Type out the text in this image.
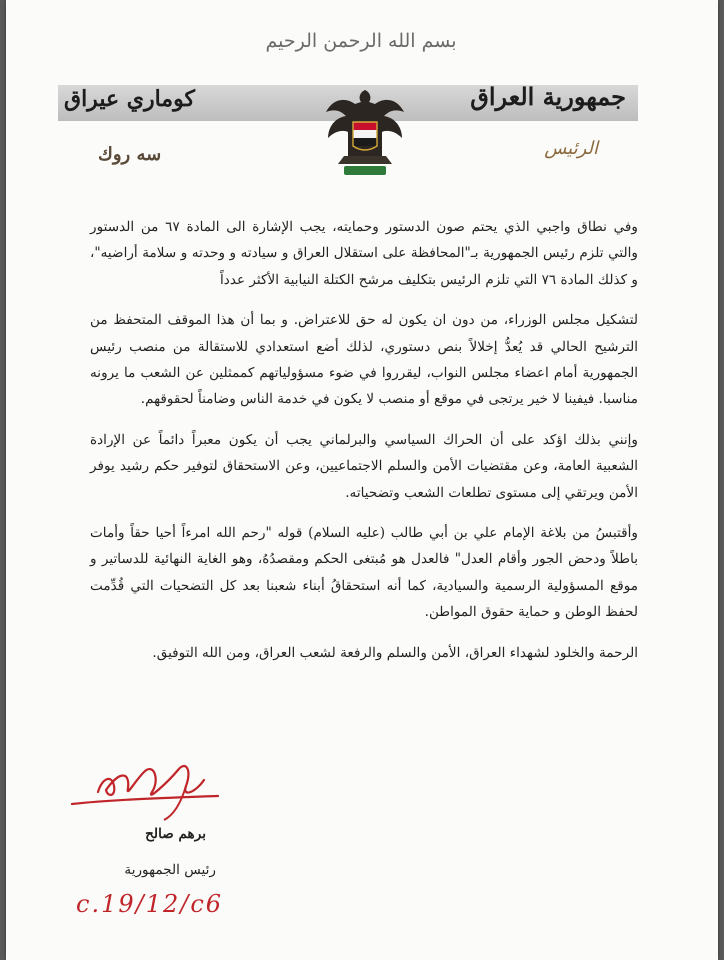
بسم الله الرحمن الرحيم
جمهورية العراق
كوماري عيراق
الرئيس
سه روك

وفي نطاق واجبي الذي يحتم صون الدستور وحمايته، يجب الإشارة الى المادة ٦٧ من الدستور والتي تلزم رئيس الجمهورية بـ"المحافظة على استقلال العراق و سيادته و وحدته و سلامة أراضيه"، و كذلك المادة ٧٦ التي تلزم الرئيس بتكليف مرشح الكتلة النيابية الأكثر عدداً

لتشكيل مجلس الوزراء، من دون ان يكون له حق للاعتراض. و بما أن هذا الموقف المتحفظ من الترشيح الحالي قد يُعدُّ إخلالاً بنص دستوري، لذلك أضع استعدادي للاستقالة من منصب رئيس الجمهورية أمام اعضاء مجلس النواب، ليقرروا في ضوء مسؤولياتهم كممثلين عن الشعب ما يرونه مناسبا. فيفينا لا خير يرتجى في موقع أو منصب لا يكون في خدمة الناس وضامناً لحقوقهم.

وإنني بذلك اؤكد على أن الحراك السياسي والبرلماني يجب أن يكون معبراً دائماً عن الإرادة الشعبية العامة، وعن مقتضيات الأمن والسلم الاجتماعيين، وعن الاستحقاق لتوفير حكم رشيد يوفر الأمن ويرتقي إلى مستوى تطلعات الشعب وتضحياته.

وأقتبسُ من بلاغة الإمام علي بن أبي طالب (عليه السلام) قوله "رحم الله امرءاً أحيا حقاً وأمات باطلاً ودحض الجور وأقام العدل" فالعدل هو مُبتغى الحكم ومقصدُهُ، وهو الغاية النهائية للدساتير و موقع المسؤولية الرسمية والسيادية، كما أنه استحقاقُ أبناء شعبنا بعد كل التضحيات التي قُدِّمت لحفظ الوطن و حماية حقوق المواطن.

الرحمة والخلود لشهداء العراق، الأمن والسلم والرفعة لشعب العراق، ومن الله التوفيق.

برهم صالح
رئيس الجمهورية
c.19/12/c6
